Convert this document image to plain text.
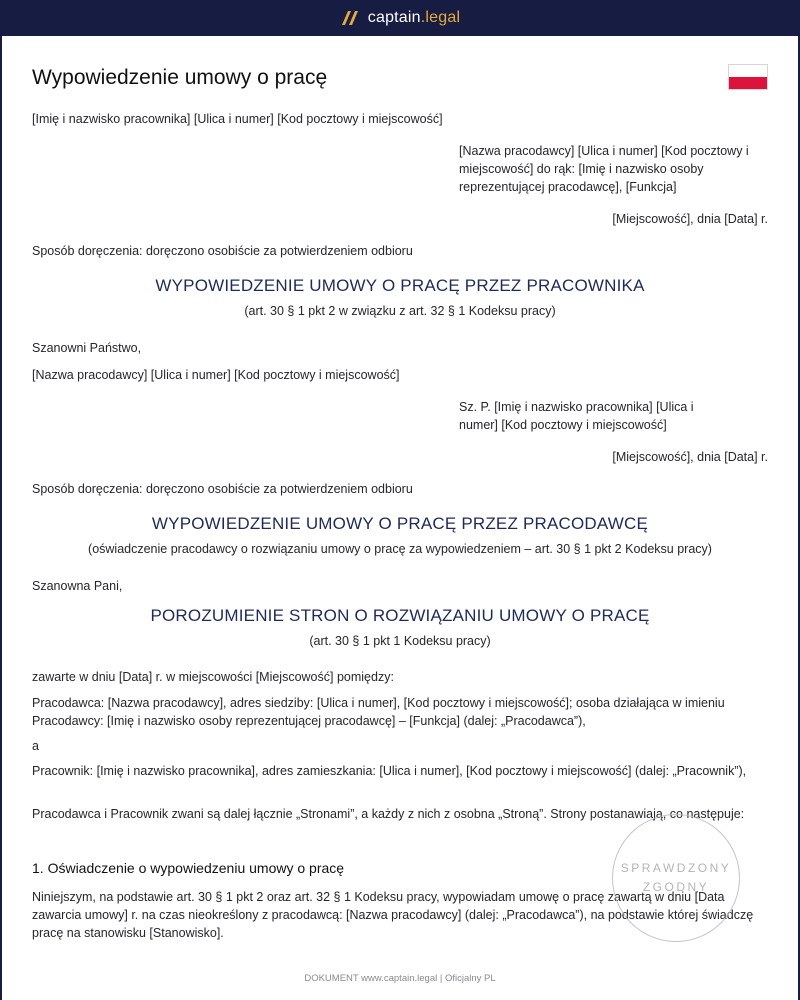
captain.legal
Wypowiedzenie umowy o pracę
[Imię i nazwisko pracownika] [Ulica i numer] [Kod pocztowy i miejscowość]
[Nazwa pracodawcy] [Ulica i numer] [Kod pocztowy i miejscowość] do rąk: [Imię i nazwisko osoby reprezentującej pracodawcę], [Funkcja]
[Miejscowość], dnia [Data] r.
Sposób doręczenia: doręczono osobiście za potwierdzeniem odbioru
WYPOWIEDZENIE UMOWY O PRACĘ PRZEZ PRACOWNIKA
(art. 30 § 1 pkt 2 w związku z art. 32 § 1 Kodeksu pracy)
Szanowni Państwo,
[Nazwa pracodawcy] [Ulica i numer] [Kod pocztowy i miejscowość]
Sz. P. [Imię i nazwisko pracownika] [Ulica i numer] [Kod pocztowy i miejscowość]
[Miejscowość], dnia [Data] r.
Sposób doręczenia: doręczono osobiście za potwierdzeniem odbioru
WYPOWIEDZENIE UMOWY O PRACĘ PRZEZ PRACODAWCĘ
(oświadczenie pracodawcy o rozwiązaniu umowy o pracę za wypowiedzeniem – art. 30 § 1 pkt 2 Kodeksu pracy)
Szanowna Pani,
POROZUMIENIE STRON O ROZWIĄZANIU UMOWY O PRACĘ
(art. 30 § 1 pkt 1 Kodeksu pracy)
zawarte w dniu [Data] r. w miejscowości [Miejscowość] pomiędzy:
Pracodawca: [Nazwa pracodawcy], adres siedziby: [Ulica i numer], [Kod pocztowy i miejscowość]; osoba działająca w imieniu Pracodawcy: [Imię i nazwisko osoby reprezentującej pracodawcę] – [Funkcja] (dalej: „Pracodawca”),
a
Pracownik: [Imię i nazwisko pracownika], adres zamieszkania: [Ulica i numer], [Kod pocztowy i miejscowość] (dalej: „Pracownik”),
Pracodawca i Pracownik zwani są dalej łącznie „Stronami”, a każdy z nich z osobna „Stroną”. Strony postanawiają, co następuje:
1. Oświadczenie o wypowiedzeniu umowy o pracę
Niniejszym, na podstawie art. 30 § 1 pkt 2 oraz art. 32 § 1 Kodeksu pracy, wypowiadam umowę o pracę zawartą w dniu [Data zawarcia umowy] r. na czas nieokreślony z pracodawcą: [Nazwa pracodawcy] (dalej: „Pracodawca”), na podstawie której świadczę pracę na stanowisku [Stanowisko].
SPRAWDZONY
ZGODNY
DOKUMENT www.captain.legal | Oficjalny PL
